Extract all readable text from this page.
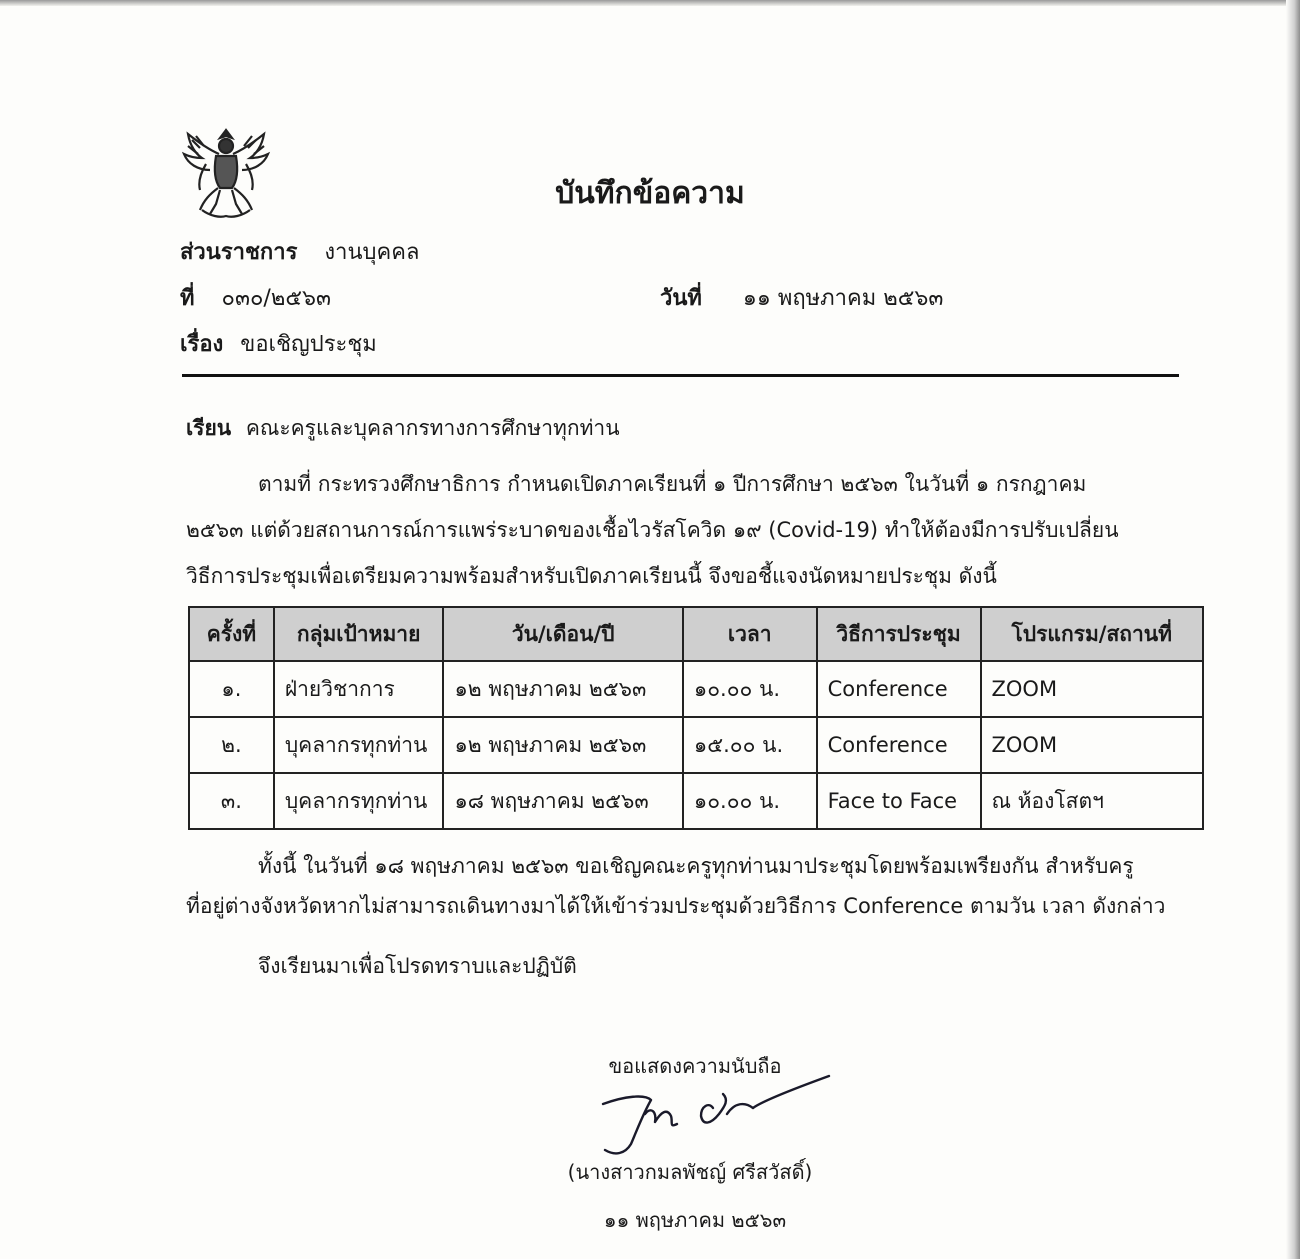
บันทึกข้อความ
ส่วนราชการ งานบุคคล
ที่ ๐๓๐/๒๕๖๓	วันที่ ๑๑ พฤษภาคม ๒๕๖๓
เรื่อง ขอเชิญประชุม
เรียน คณะครูและบุคลากรทางการศึกษาทุกท่าน
ตามที่ กระทรวงศึกษาธิการ กำหนดเปิดภาคเรียนที่ ๑ ปีการศึกษา ๒๕๖๓ ในวันที่ ๑ กรกฎาคม
๒๕๖๓ แต่ด้วยสถานการณ์การแพร่ระบาดของเชื้อไวรัสโควิด ๑๙ (Covid-19) ทำให้ต้องมีการปรับเปลี่ยน
วิธีการประชุมเพื่อเตรียมความพร้อมสำหรับเปิดภาคเรียนนี้ จึงขอชี้แจงนัดหมายประชุม ดังนี้
ครั้งที่	กลุ่มเป้าหมาย	วัน/เดือน/ปี	เวลา	วิธีการประชุม	โปรแกรม/สถานที่
๑.	ฝ่ายวิชาการ	๑๒ พฤษภาคม ๒๕๖๓	๑๐.๐๐ น.	Conference	ZOOM
๒.	บุคลากรทุกท่าน	๑๒ พฤษภาคม ๒๕๖๓	๑๕.๐๐ น.	Conference	ZOOM
๓.	บุคลากรทุกท่าน	๑๘ พฤษภาคม ๒๕๖๓	๑๐.๐๐ น.	Face to Face	ณ ห้องโสตฯ
ทั้งนี้ ในวันที่ ๑๘ พฤษภาคม ๒๕๖๓ ขอเชิญคณะครูทุกท่านมาประชุมโดยพร้อมเพรียงกัน สำหรับครู
ที่อยู่ต่างจังหวัดหากไม่สามารถเดินทางมาได้ให้เข้าร่วมประชุมด้วยวิธีการ Conference ตามวัน เวลา ดังกล่าว
จึงเรียนมาเพื่อโปรดทราบและปฏิบัติ
ขอแสดงความนับถือ
(นางสาวกมลพัชญ์ ศรีสวัสดิ์)
๑๑ พฤษภาคม ๒๕๖๓
